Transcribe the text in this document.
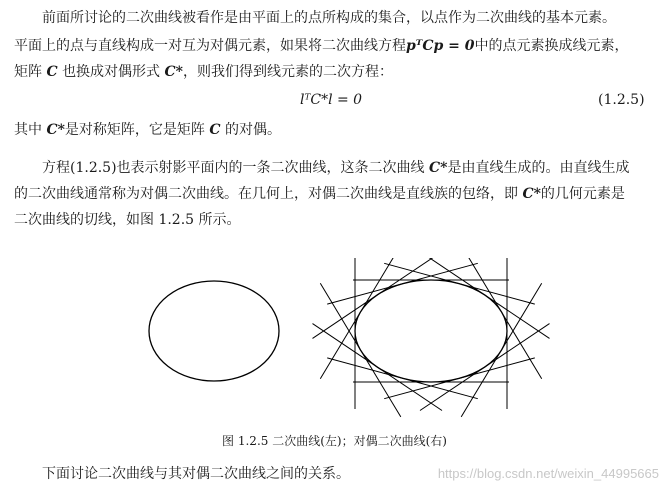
前面所讨论的二次曲线被看作是由平面上的点所构成的集合，以点作为二次曲线的基本元素。
平面上的点与直线构成一对互为对偶元素，如果将二次曲线方程pᵀCp = 0中的点元素换成线元素，
矩阵 C 也换成对偶形式 C*，则我们得到线元素的二次方程：
lᵀC*l = 0	(1.2.5)
其中 C*是对称矩阵，它是矩阵 C 的对偶。
方程(1.2.5)也表示射影平面内的一条二次曲线，这条二次曲线 C*是由直线生成的。由直线生成
的二次曲线通常称为对偶二次曲线。在几何上，对偶二次曲线是直线族的包络，即 C*的几何元素是
二次曲线的切线，如图 1.2.5 所示。
图 1.2.5 二次曲线(左)；对偶二次曲线(右)
下面讨论二次曲线与其对偶二次曲线之间的关系。	https://blog.csdn.net/weixin_44995665
